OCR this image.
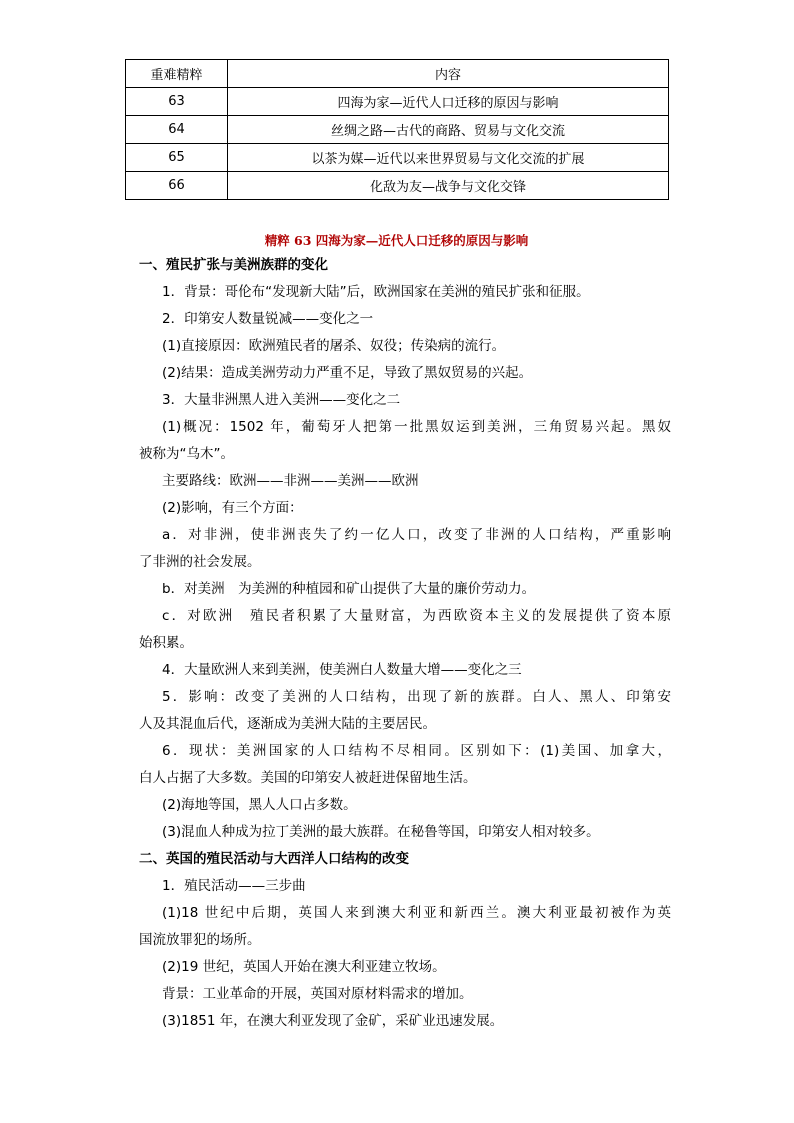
重难精粹	内容
63	四海为家—近代人口迁移的原因与影响
64	丝绸之路—古代的商路、贸易与文化交流
65	以茶为媒—近代以来世界贸易与文化交流的扩展
66	化敌为友—战争与文化交锋
精粹 63 四海为家—近代人口迁移的原因与影响
一、殖民扩张与美洲族群的变化
1．背景：哥伦布“发现新大陆”后，欧洲国家在美洲的殖民扩张和征服。
2．印第安人数量锐减——变化之一
(1)直接原因：欧洲殖民者的屠杀、奴役；传染病的流行。
(2)结果：造成美洲劳动力严重不足，导致了黑奴贸易的兴起。
3．大量非洲黑人进入美洲——变化之二
(1)概况：1502 年，葡萄牙人把第一批黑奴运到美洲，三角贸易兴起。黑奴
被称为“乌木”。
主要路线：欧洲——非洲——美洲——欧洲
(2)影响，有三个方面：
a．对非洲，使非洲丧失了约一亿人口，改变了非洲的人口结构，严重影响
了非洲的社会发展。
b．对美洲　为美洲的种植园和矿山提供了大量的廉价劳动力。
c．对欧洲　殖民者积累了大量财富，为西欧资本主义的发展提供了资本原
始积累。
4．大量欧洲人来到美洲，使美洲白人数量大增——变化之三
5．影响：改变了美洲的人口结构，出现了新的族群。白人、黑人、印第安
人及其混血后代，逐渐成为美洲大陆的主要居民。
6．现状：美洲国家的人口结构不尽相同。区别如下：(1)美国、加拿大，
白人占据了大多数。美国的印第安人被赶进保留地生活。
(2)海地等国，黑人人口占多数。
(3)混血人种成为拉丁美洲的最大族群。在秘鲁等国，印第安人相对较多。
二、英国的殖民活动与大西洋人口结构的改变
1．殖民活动——三步曲
(1)18 世纪中后期，英国人来到澳大利亚和新西兰。澳大利亚最初被作为英
国流放罪犯的场所。
(2)19 世纪，英国人开始在澳大利亚建立牧场。
背景：工业革命的开展，英国对原材料需求的增加。
(3)1851 年，在澳大利亚发现了金矿，采矿业迅速发展。
